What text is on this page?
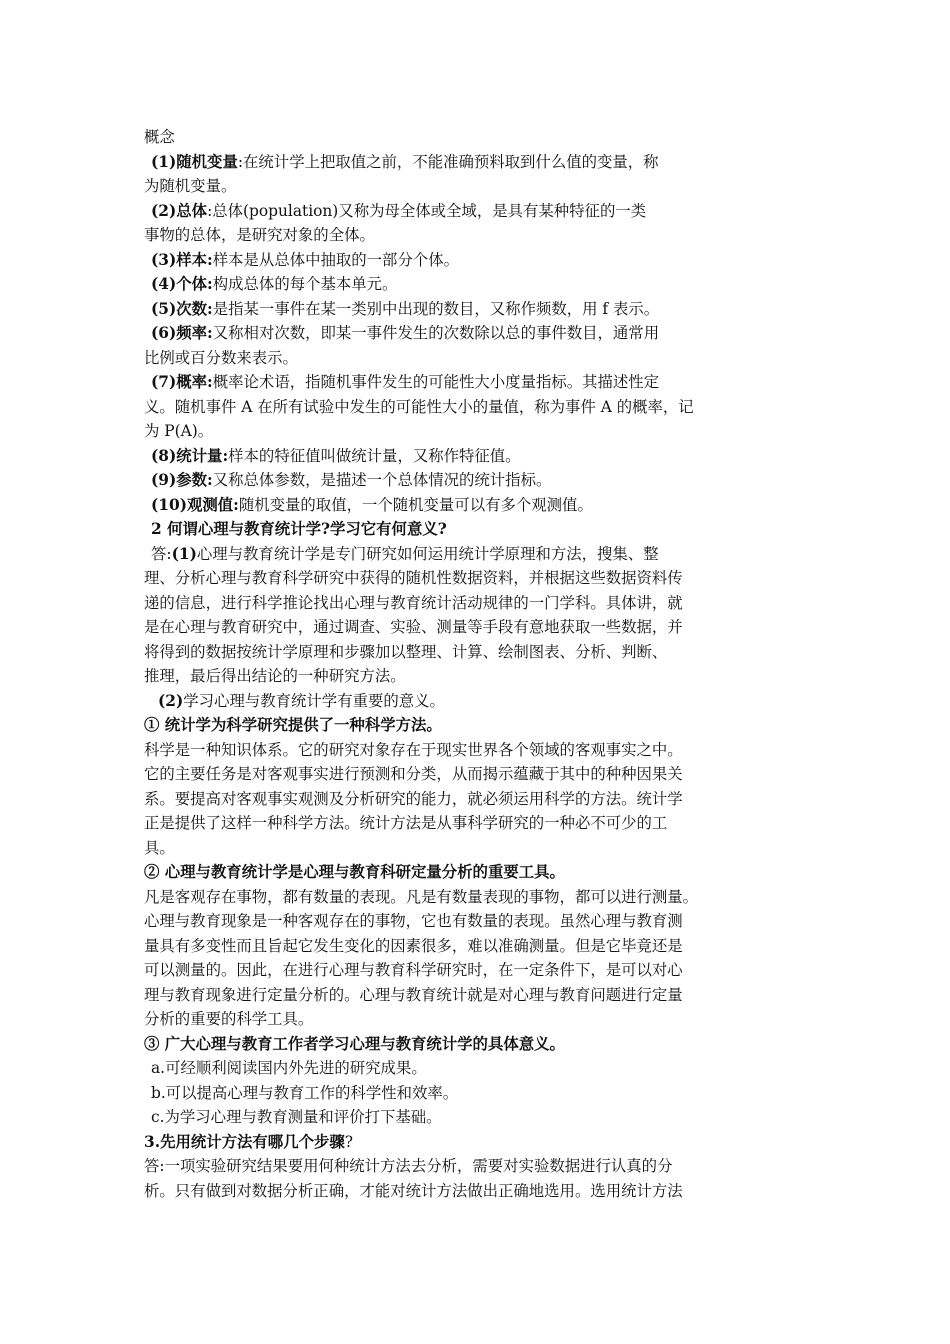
概念
(1)随机变量:在统计学上把取值之前，不能准确预料取到什么值的变量，称
为随机变量。
(2)总体:总体(population)又称为母全体或全域，是具有某种特征的一类
事物的总体，是研究对象的全体。
(3)样本:样本是从总体中抽取的一部分个体。
(4)个体:构成总体的每个基本单元。
(5)次数:是指某一事件在某一类别中出现的数目，又称作频数，用 f 表示。
(6)频率:又称相对次数，即某一事件发生的次数除以总的事件数目，通常用
比例或百分数来表示。
(7)概率:概率论术语，指随机事件发生的可能性大小度量指标。其描述性定
义。随机事件 A 在所有试验中发生的可能性大小的量值，称为事件 A 的概率，记
为 P(A)。
(8)统计量:样本的特征值叫做统计量，又称作特征值。
(9)参数:又称总体参数，是描述一个总体情况的统计指标。
(10)观测值:随机变量的取值，一个随机变量可以有多个观测值。
2 何谓心理与教育统计学?学习它有何意义?
答:(1)心理与教育统计学是专门研究如何运用统计学原理和方法，搜集、整
理、分析心理与教育科学研究中获得的随机性数据资料，并根据这些数据资料传
递的信息，进行科学推论找出心理与教育统计活动规律的一门学科。具体讲，就
是在心理与教育研究中，通过调查、实验、测量等手段有意地获取一些数据，并
将得到的数据按统计学原理和步骤加以整理、计算、绘制图表、分析、判断、
推理，最后得出结论的一种研究方法。
(2)学习心理与教育统计学有重要的意义。
① 统计学为科学研究提供了一种科学方法。
科学是一种知识体系。它的研究对象存在于现实世界各个领域的客观事实之中。
它的主要任务是对客观事实进行预测和分类，从而揭示蕴藏于其中的种种因果关
系。要提高对客观事实观测及分析研究的能力，就必须运用科学的方法。统计学
正是提供了这样一种科学方法。统计方法是从事科学研究的一种必不可少的工
具。
② 心理与教育统计学是心理与教育科研定量分析的重要工具。
凡是客观存在事物，都有数量的表现。凡是有数量表现的事物，都可以进行测量。
心理与教育现象是一种客观存在的事物，它也有数量的表现。虽然心理与教育测
量具有多变性而且旨起它发生变化的因素很多，难以准确测量。但是它毕竟还是
可以测量的。因此，在进行心理与教育科学研究时，在一定条件下，是可以对心
理与教育现象进行定量分析的。心理与教育统计就是对心理与教育问题进行定量
分析的重要的科学工具。
③ 广大心理与教育工作者学习心理与教育统计学的具体意义。
a.可经顺利阅读国内外先进的研究成果。
b.可以提高心理与教育工作的科学性和效率。
c.为学习心理与教育测量和评价打下基础。
3.先用统计方法有哪几个步骤?
答:一项实验研究结果要用何种统计方法去分析，需要对实验数据进行认真的分
析。只有做到对数据分析正确，才能对统计方法做出正确地选用。选用统计方法
